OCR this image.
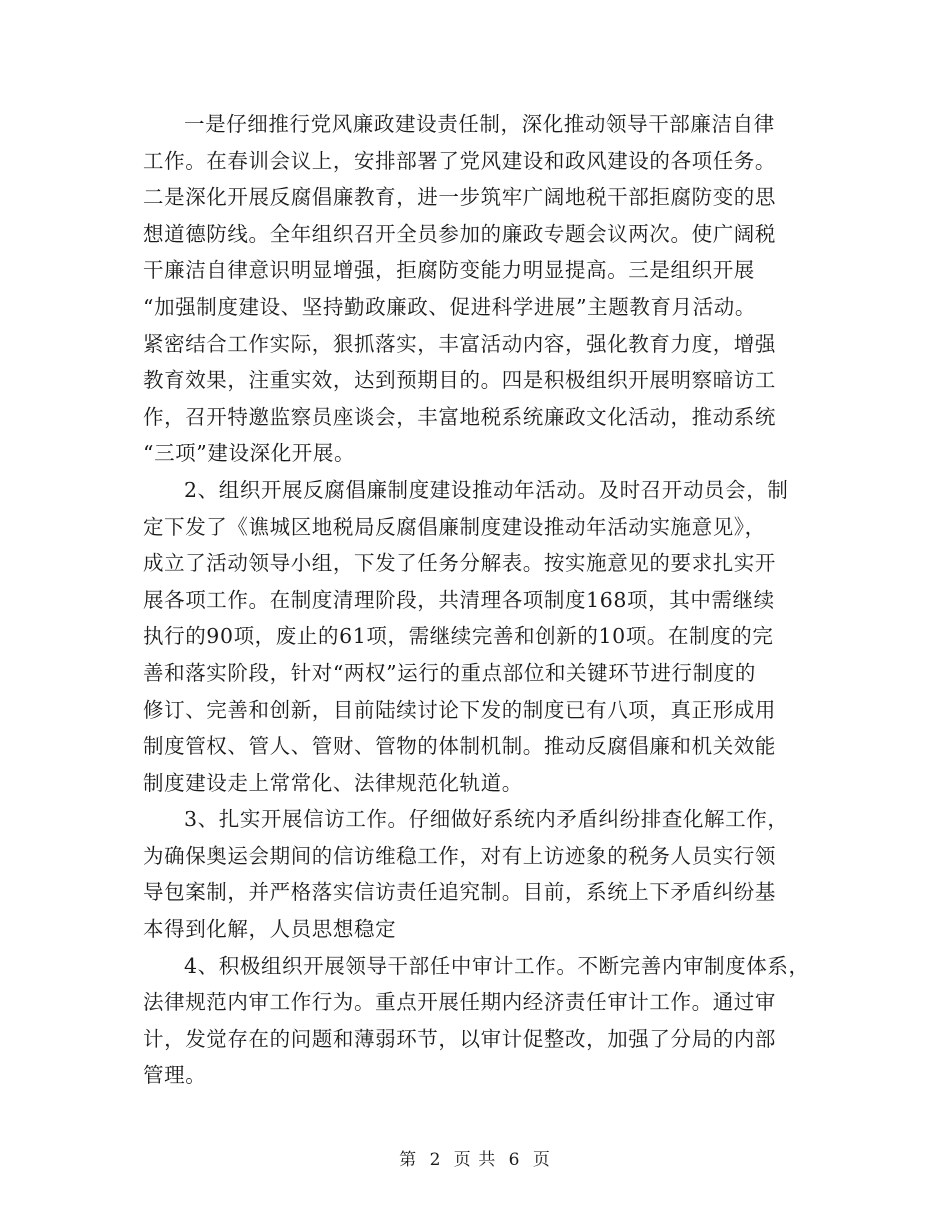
一是仔细推行党风廉政建设责任制，深化推动领导干部廉洁自律
工作。在春训会议上，安排部署了党风建设和政风建设的各项任务。
二是深化开展反腐倡廉教育，进一步筑牢广阔地税干部拒腐防变的思
想道德防线。全年组织召开全员参加的廉政专题会议两次。使广阔税
干廉洁自律意识明显增强，拒腐防变能力明显提高。三是组织开展
“加强制度建设、坚持勤政廉政、促进科学进展”主题教育月活动。
紧密结合工作实际，狠抓落实，丰富活动内容，强化教育力度，增强
教育效果，注重实效，达到预期目的。四是积极组织开展明察暗访工
作，召开特邀监察员座谈会，丰富地税系统廉政文化活动，推动系统
“三项”建设深化开展。
2、组织开展反腐倡廉制度建设推动年活动。及时召开动员会，制
定下发了《谯城区地税局反腐倡廉制度建设推动年活动实施意见》，
成立了活动领导小组，下发了任务分解表。按实施意见的要求扎实开
展各项工作。在制度清理阶段，共清理各项制度168项，其中需继续
执行的90项，废止的61项，需继续完善和创新的10项。在制度的完
善和落实阶段，针对“两权”运行的重点部位和关键环节进行制度的
修订、完善和创新，目前陆续讨论下发的制度已有八项，真正形成用
制度管权、管人、管财、管物的体制机制。推动反腐倡廉和机关效能
制度建设走上常常化、法律规范化轨道。
3、扎实开展信访工作。仔细做好系统内矛盾纠纷排查化解工作，
为确保奥运会期间的信访维稳工作，对有上访迹象的税务人员实行领
导包案制，并严格落实信访责任追究制。目前，系统上下矛盾纠纷基
本得到化解，人员思想稳定
4、积极组织开展领导干部任中审计工作。不断完善内审制度体系，
法律规范内审工作行为。重点开展任期内经济责任审计工作。通过审
计，发觉存在的问题和薄弱环节，以审计促整改，加强了分局的内部
管理。
第 2 页 共 6 页
